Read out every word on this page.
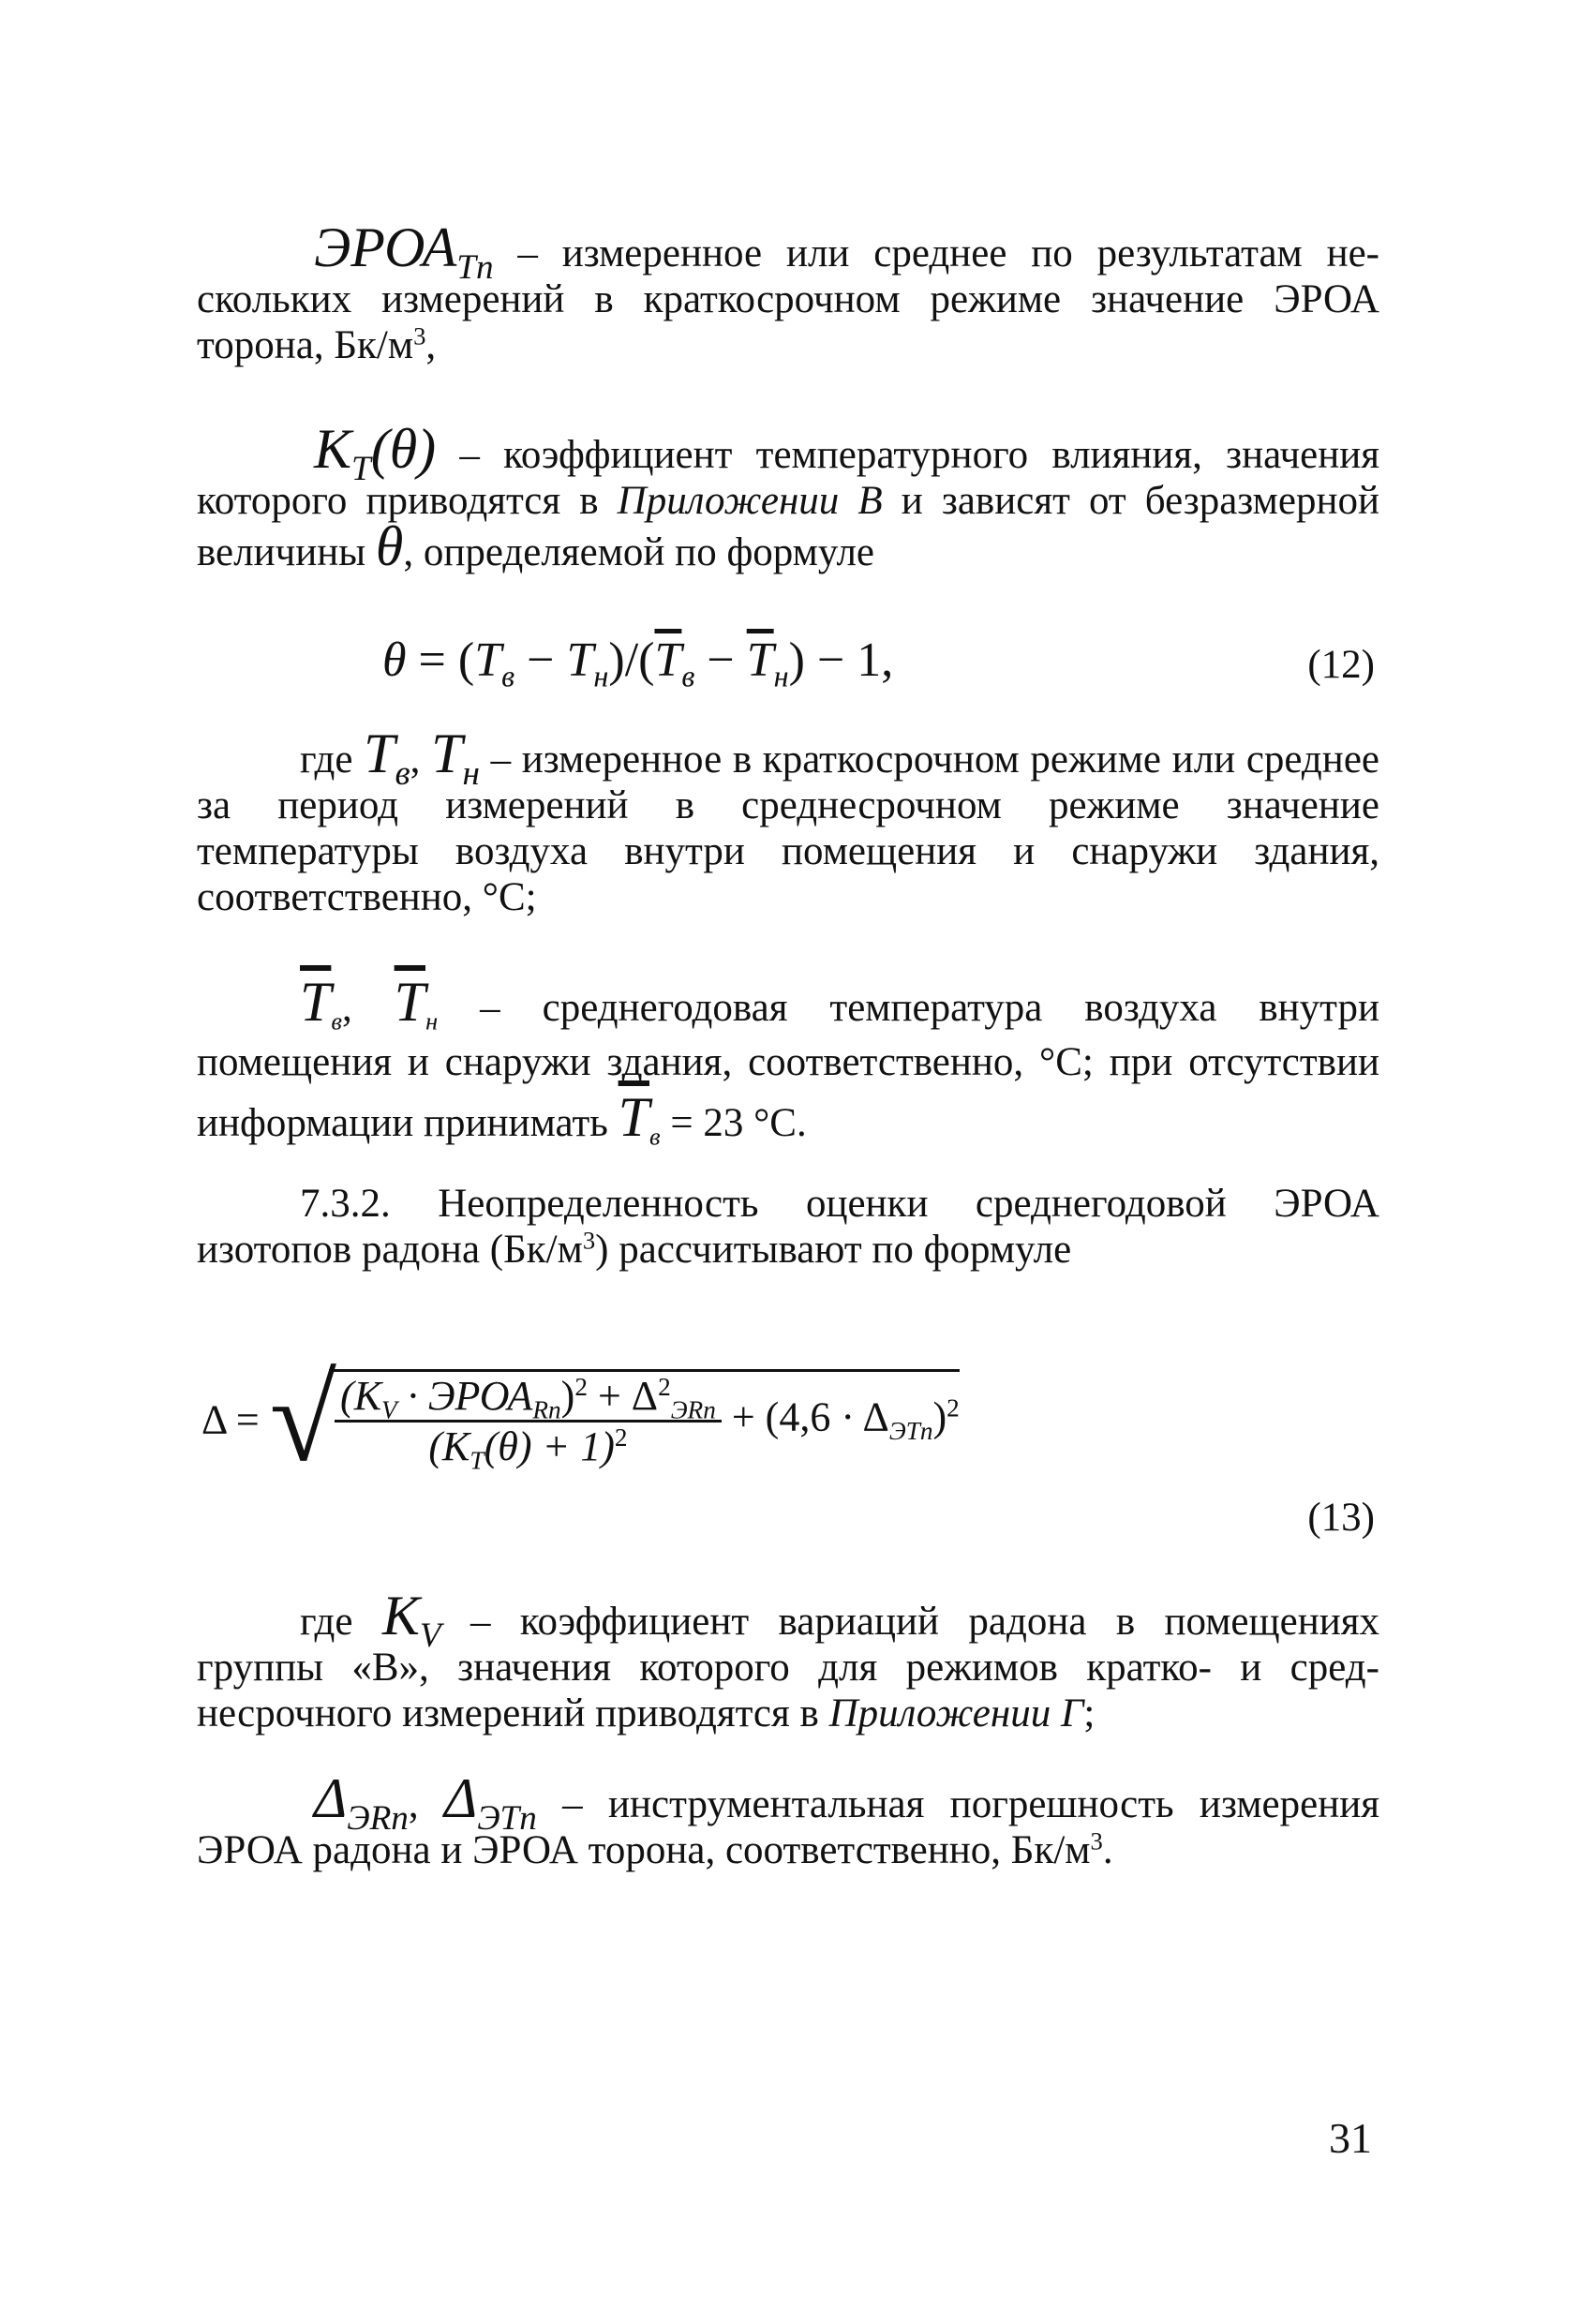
$ЭРОА_{Tn}$ – измеренное или среднее по результатам нескольких измерений в краткосрочном режиме значение ЭРОА торона, $Бк/м^3$,

$K_T(\theta)$ – коэффициент температурного влияния, значения которого приводятся в Приложении В и зависят от безразмерной величины θ, определяемой по формуле

$\theta = (T_в - T_н)/(\overline{T}_в - \overline{T}_н) - 1$,	(12)

где $T_в$, $T_н$ – измеренное в краткосрочном режиме или среднее за период измерений в среднесрочном режиме значение температуры воздуха внутри помещения и снаружи здания, соответственно, °С;

$\overline{T}_в$, $\overline{T}_н$ – среднегодовая температура воздуха внутри помещения и снаружи здания, соответственно, °С; при отсутствии информации принимать $\overline{T}_в = 23$ °С.

7.3.2. Неопределенность оценки среднегодовой ЭРОА изотопов радона $(Бк/м^3)$ рассчитывают по формуле

Δ = √
$\frac{(K_V \cdot ЭРОА_{Rn})^2 + \Delta^2_{ЭRn}}{(K_T(\theta) + 1)^2} + (4,6 \cdot \Delta_{ЭTn})^2$
(13)

где $K_V$ – коэффициент вариаций радона в помещениях группы «В», значения которого для режимов кратко- и среднесрочного измерений приводятся в Приложении Г;

$\Delta_{ЭRn}$, $\Delta_{ЭTn}$ – инструментальная погрешность измерения ЭРОА радона и ЭРОА торона, соответственно, $Бк/м^3$.

31
